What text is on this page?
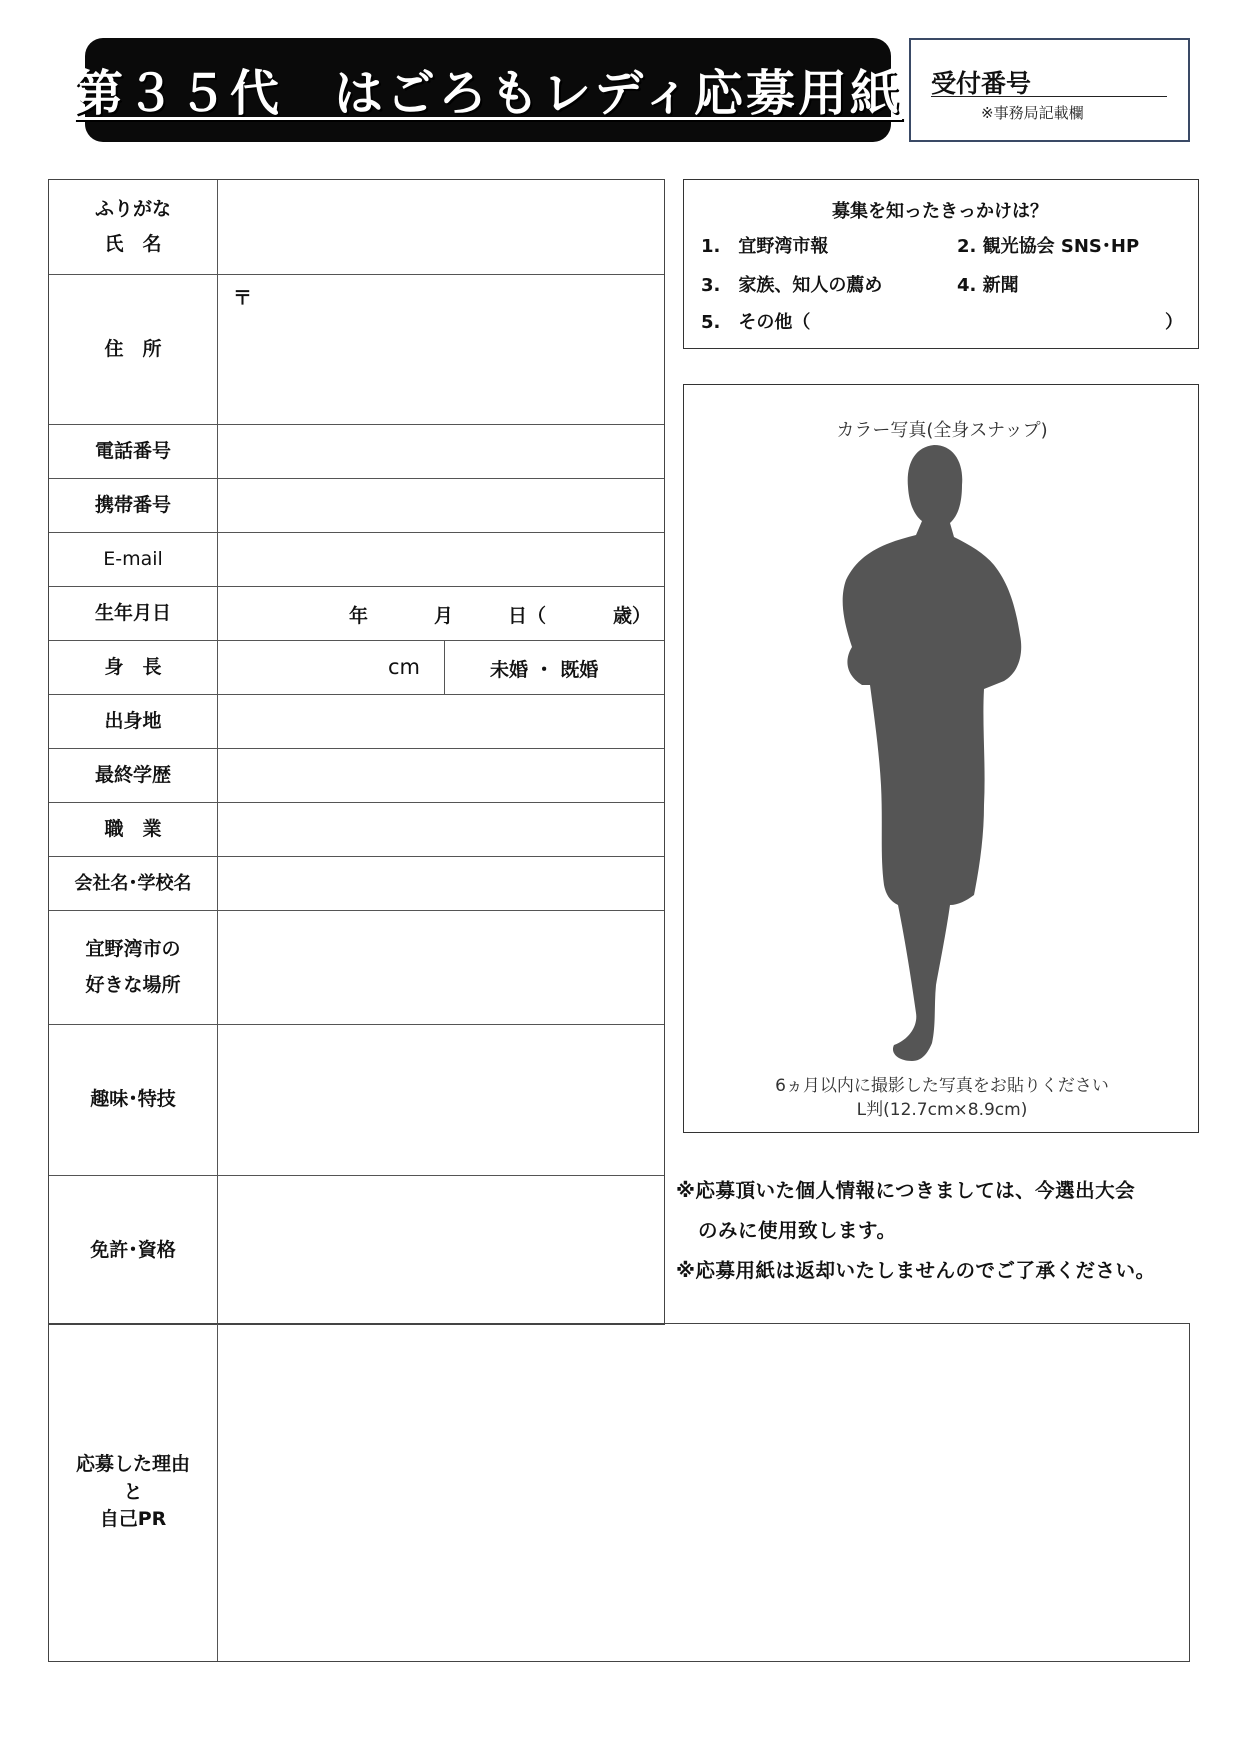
第３５代　はごろもレディ応募用紙 受付番号
※事務局記載欄
ふりがな
氏　名
住　所
〒
電話番号
携帯番号
E-mail
生年月日	年	月	日（	歳）
身　長	cm	未婚 ・ 既婚
出身地
最終学歴
職　業
会社名･学校名
宜野湾市の
好きな場所
趣味･特技
免許･資格
募集を知ったきっかけは？
1.　宜野湾市報	2. 観光協会 SNS･HP
3.　家族、知人の薦め	4. 新聞
5.　その他（	）
カラー写真(全身スナップ)
6ヵ月以内に撮影した写真をお貼りください
L判(12.7cm×8.9cm)
※応募頂いた個人情報につきましては、今選出大会
のみに使用致します。
※応募用紙は返却いたしませんのでご了承ください。
応募した理由
と
自己PR
